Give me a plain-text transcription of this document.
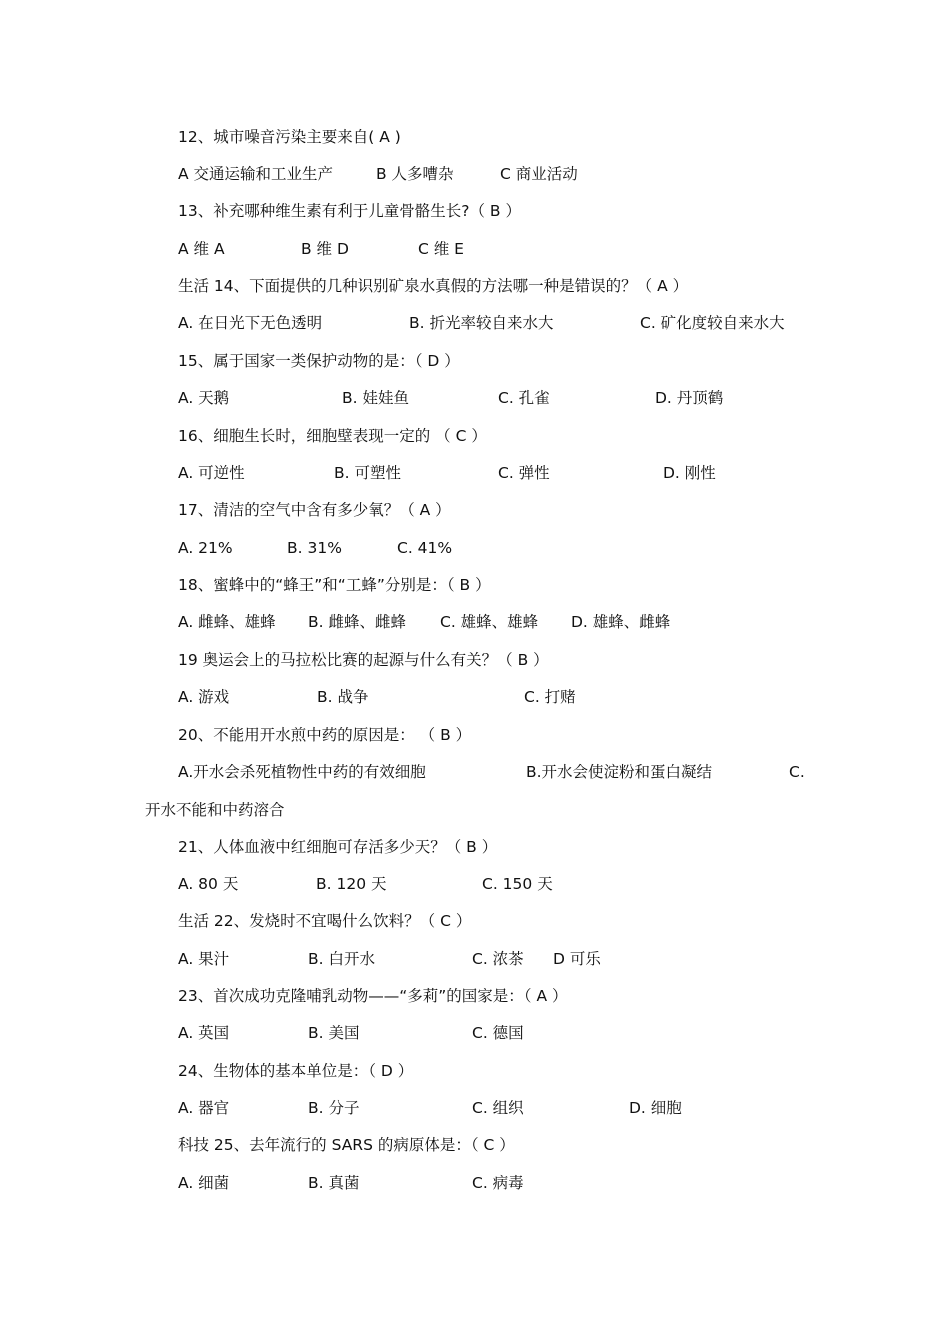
12、城市噪音污染主要来自( A )
A 交通运输和工业生产	B 人多嘈杂	C 商业活动
13、补充哪种维生素有利于儿童骨骼生长?（ B ）
A 维 A	B 维 D	C 维 E
生活 14、下面提供的几种识别矿泉水真假的方法哪一种是错误的？（ A ）
A. 在日光下无色透明	B. 折光率较自来水大	C. 矿化度较自来水大
15、属于国家一类保护动物的是：（ D ）
A. 天鹅	B. 娃娃鱼	C. 孔雀	D. 丹顶鹤
16、细胞生长时，细胞壁表现一定的 （ C ）
A. 可逆性	B. 可塑性	C. 弹性	D. 刚性
17、清洁的空气中含有多少氧？（ A ）
A. 21%	B. 31%	C. 41%
18、蜜蜂中的“蜂王”和“工蜂”分别是：（ B ）
A. 雌蜂、雄蜂 B. 雌蜂、雌蜂 C. 雄蜂、雄蜂 D. 雄蜂、雌蜂
19 奥运会上的马拉松比赛的起源与什么有关？（ B ）
A. 游戏	B. 战争	C. 打赌
20、不能用开水煎中药的原因是： （ B ）
A.开水会杀死植物性中药的有效细胞	B.开水会使淀粉和蛋白凝结	C.
开水不能和中药溶合
21、人体血液中红细胞可存活多少天？（ B ）
A. 80 天	B. 120 天	C. 150 天
生活 22、发烧时不宜喝什么饮料？（ C ）
A. 果汁	B. 白开水	C. 浓茶 D 可乐
23、首次成功克隆哺乳动物——“多莉”的国家是：（ A ）
A. 英国	B. 美国	C. 德国
24、生物体的基本单位是：（ D ）
A. 器官	B. 分子	C. 组织	D. 细胞
科技 25、去年流行的 SARS 的病原体是：（ C ）
A. 细菌	B. 真菌	C. 病毒
